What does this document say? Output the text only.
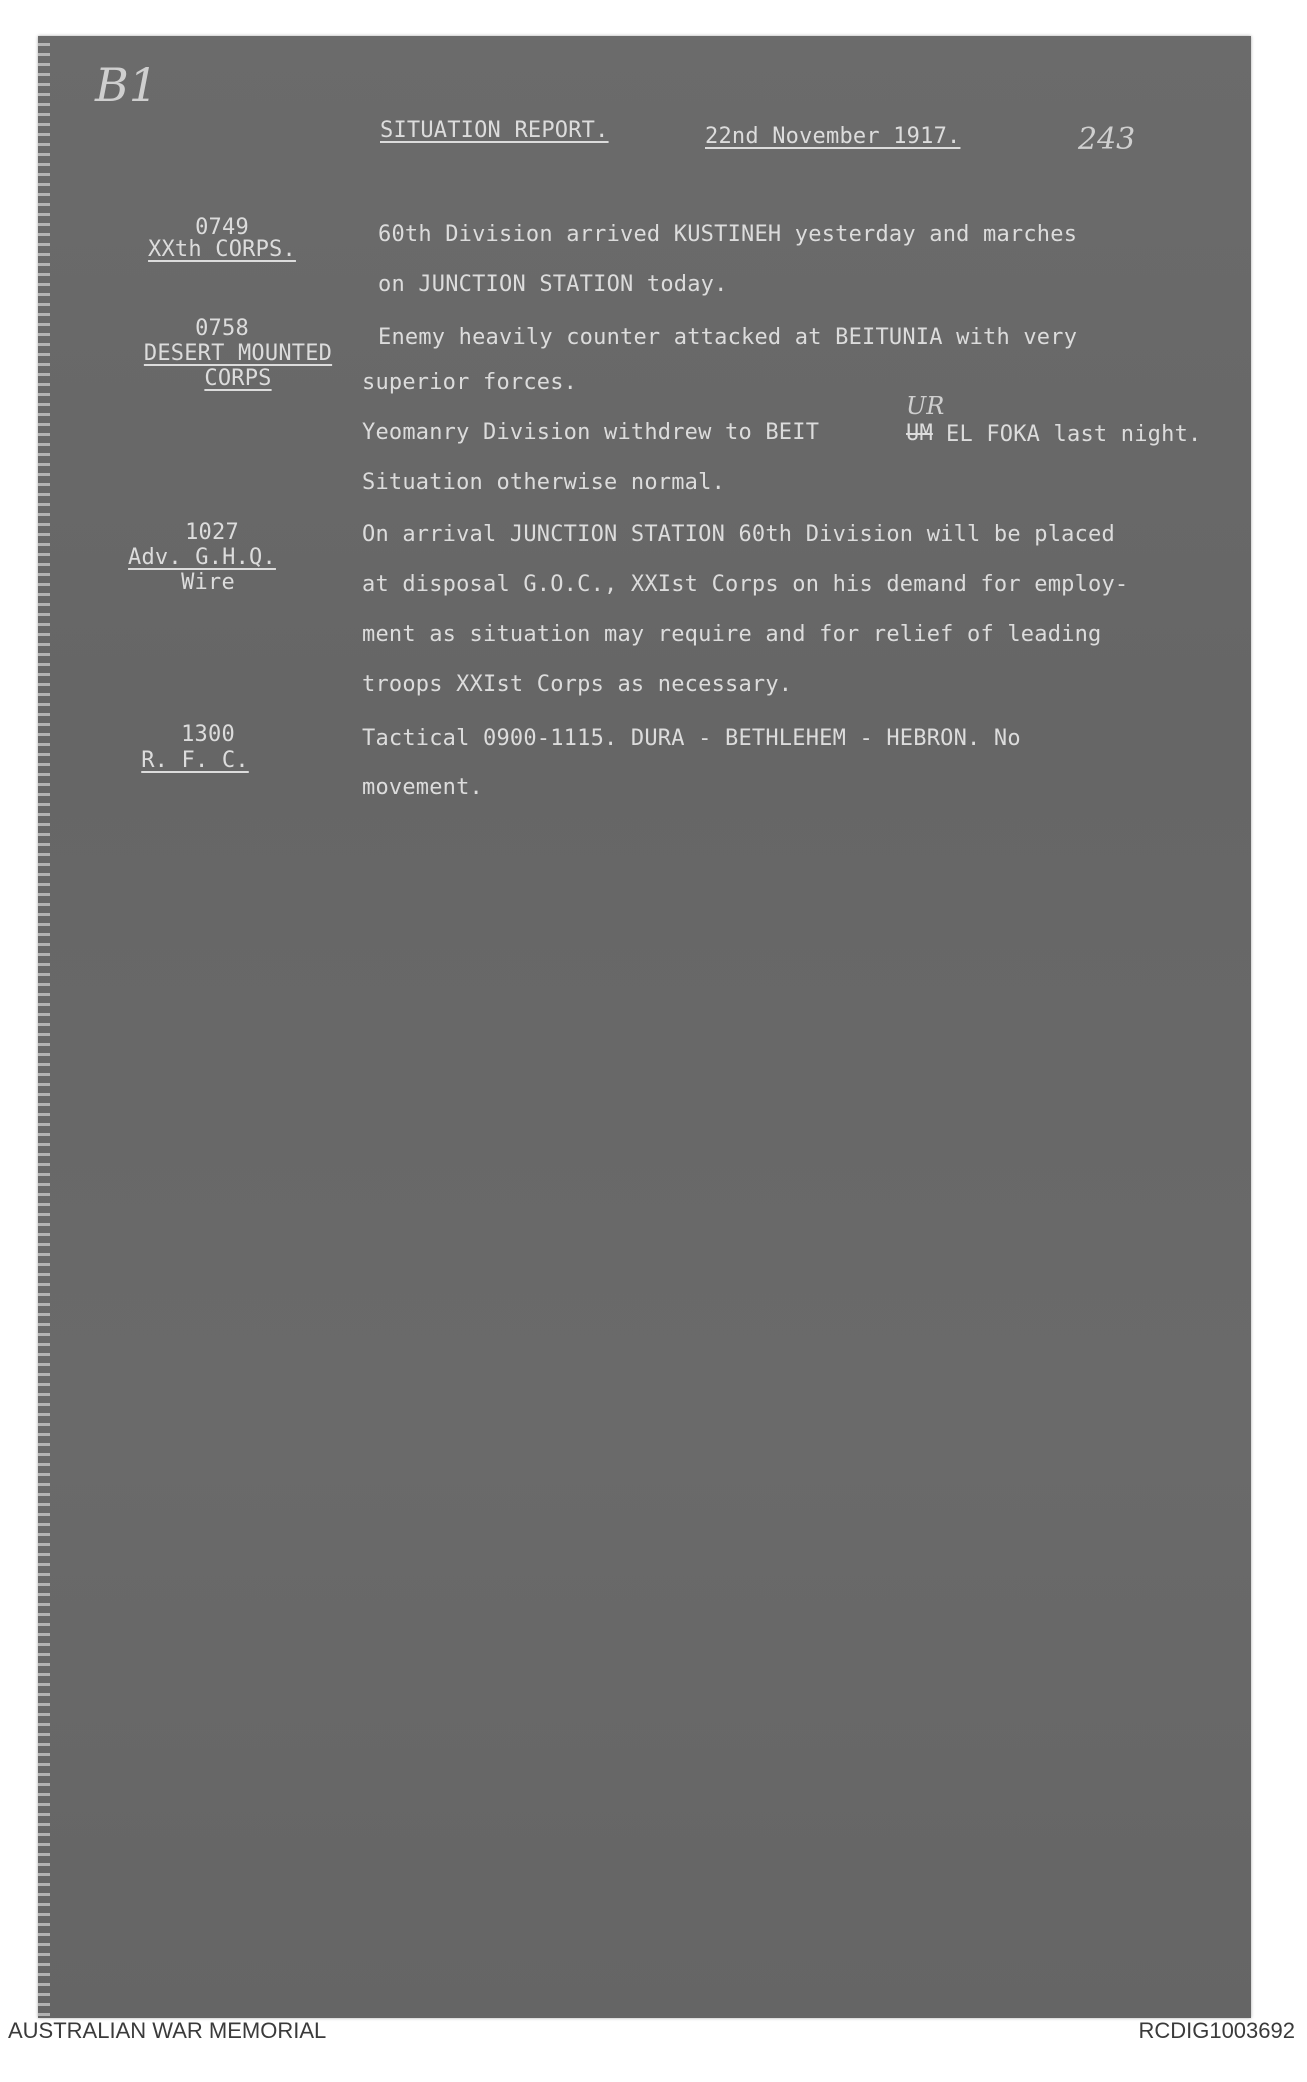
B1
243
SITUATION REPORT.	22nd November 1917.
0749
XXth CORPS.
60th Division arrived KUSTINEH yesterday and marches
on JUNCTION STATION today.
0758
DESERT MOUNTED
CORPS
Enemy heavily counter attacked at BEITUNIA with very
superior forces.
Yeomanry Division withdrew to BEIT	UM
UR
EL FOKA last night.
Situation otherwise normal.
1027
Adv. G.H.Q.
Wire
On arrival JUNCTION STATION 60th Division will be placed
at disposal G.O.C., XXIst Corps on his demand for employ-
ment as situation may require and for relief of leading
troops XXIst Corps as necessary.
1300
R. F. C.
Tactical 0900-1115. DURA - BETHLEHEM - HEBRON. No
movement.
AUSTRALIAN WAR MEMORIAL	RCDIG1003692
